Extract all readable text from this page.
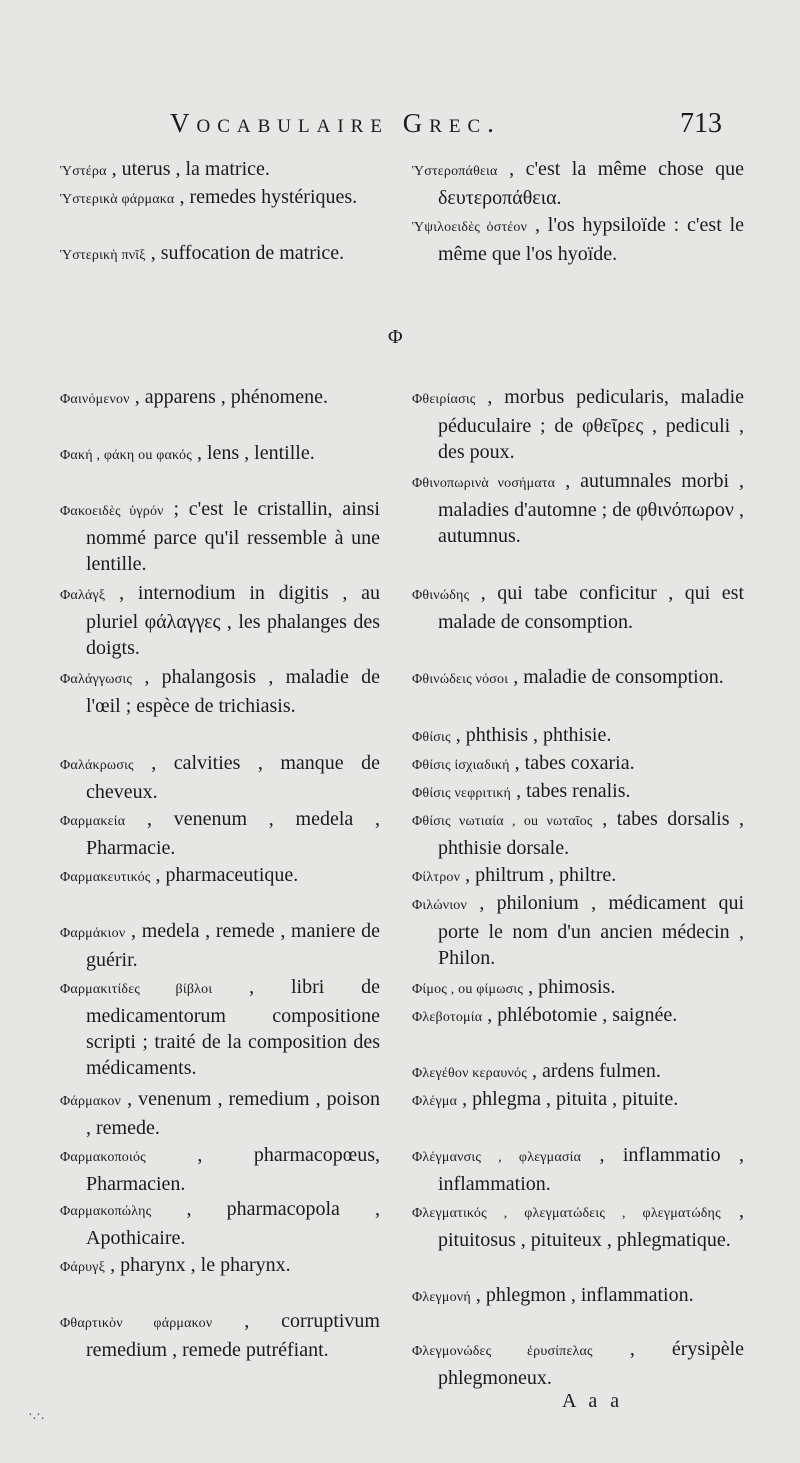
Vocabulaire Grec.	713
Φ
Ὑστέρα , uterus , la matrice.
Ὑστερικὰ φάρμακα , remedes hystériques.
Ὑστερικὴ πνῖξ , suffocation de matrice.
Φαινόμενον , apparens , phénomene.
Φακή , φάκη ou φακός , lens , lentille.
Φακοειδὲς ὑγρόν ; c'est le cristallin, ainsi nommé parce qu'il ressemble à une lentille.
Φαλάγξ , internodium in digitis , au pluriel φάλαγγες , les phalanges des doigts.
Φαλάγγωσις , phalangosis , maladie de l'œil ; espèce de trichiasis.
Φαλάκρωσις , calvities , manque de cheveux.
Φαρμακεία , venenum , medela , Pharmacie.
Φαρμακευτικός , pharmaceutique.
Φαρμάκιον , medela , remede , maniere de guérir.
Φαρμακιτίδες βίβλοι , libri de medicamentorum compositione scripti ; traité de la composition des médicaments.
Φάρμακον , venenum , remedium , poison , remede.
Φαρμακοποιός	, pharmacopœus, Pharmacien.
Φαρμακοπώλης , pharmacopola , Apothicaire.
Φάρυγξ , pharynx , le pharynx.
Φθαρτικὸν φάρμακον , corruptivum remedium , remede putréfiant.
Ὑστεροπάθεια , c'est la même chose que δευτεροπάθεια.
Ὑψιλοειδὲς ὀστέον , l'os hypsiloïde : c'est le même que l'os hyoïde.
Φθειρίασις , morbus pedicularis, maladie péduculaire ; de φθεῖρες , pediculi , des poux.
Φθινοπωρινὰ νοσήματα , autumnales morbi , maladies d'automne ; de φθινόπωρον , autumnus.
Φθινώδης , qui tabe conficitur , qui est malade de consomption.
Φθινώδεις νόσοι , maladie de consomption.
Φθίσις , phthisis , phthisie.
Φθίσις ἰσχιαδική , tabes coxaria.
Φθίσις νεφριτική , tabes renalis.
Φθίσις νωτιαία , ou νωταῖος , tabes dorsalis , phthisie dorsale.
Φίλτρον , philtrum , philtre.
Φιλώνιον , philonium , médicament qui porte le nom d'un ancien médecin , Philon.
Φίμος , ou φίμωσις , phimosis.
Φλεβοτομία , phlébotomie , saignée.
Φλεγέθον κεραυνός , ardens fulmen.
Φλέγμα , phlegma , pituita , pituite.
Φλέγμανσις , φλεγμασία , inflammatio , inflammation.
Φλεγματικός , φλεγματώδεις , φλεγματώδης , pituitosus , pituiteux , phlegmatique.
Φλεγμονή , phlegmon , inflammation.
Φλεγμονώδες ἐρυσίπελας , érysipèle phlegmoneux.
A a a
·.·.
